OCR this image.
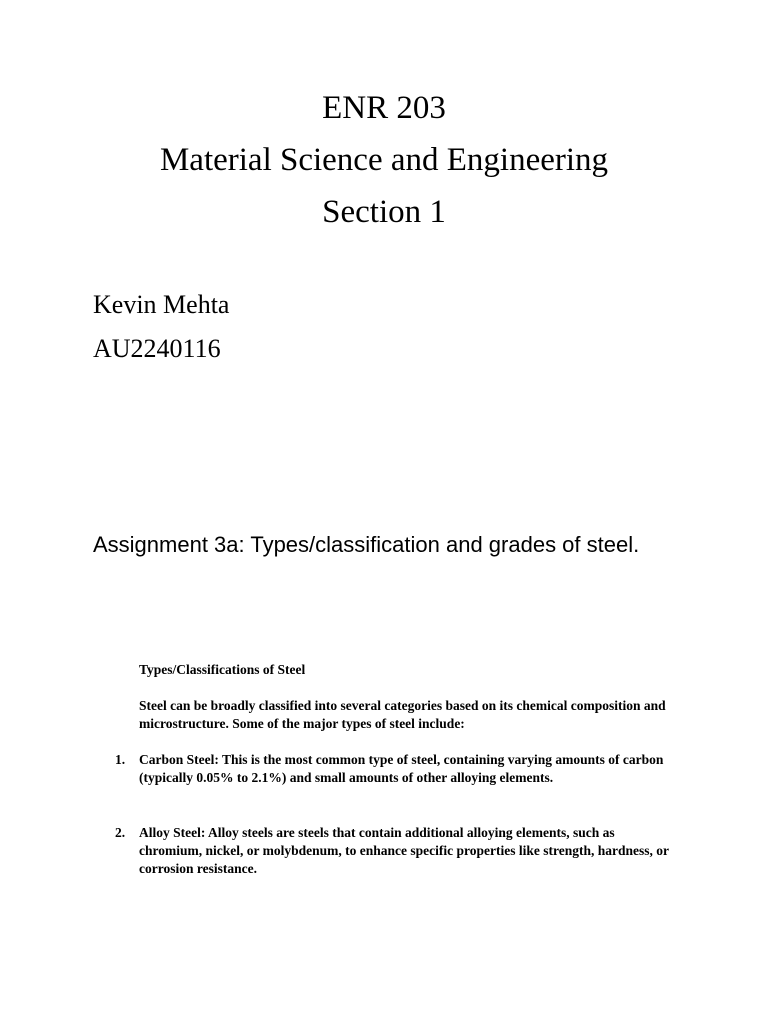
ENR 203
Material Science and Engineering
Section 1
Kevin Mehta
AU2240116
Assignment 3a: Types/classification and grades of steel.
Types/Classifications of Steel
Steel can be broadly classified into several categories based on its chemical composition and microstructure. Some of the major types of steel include:
1.	Carbon Steel: This is the most common type of steel, containing varying amounts of carbon (typically 0.05% to 2.1%) and small amounts of other alloying elements.
2.	Alloy Steel: Alloy steels are steels that contain additional alloying elements, such as chromium, nickel, or molybdenum, to enhance specific properties like strength, hardness, or corrosion resistance.
